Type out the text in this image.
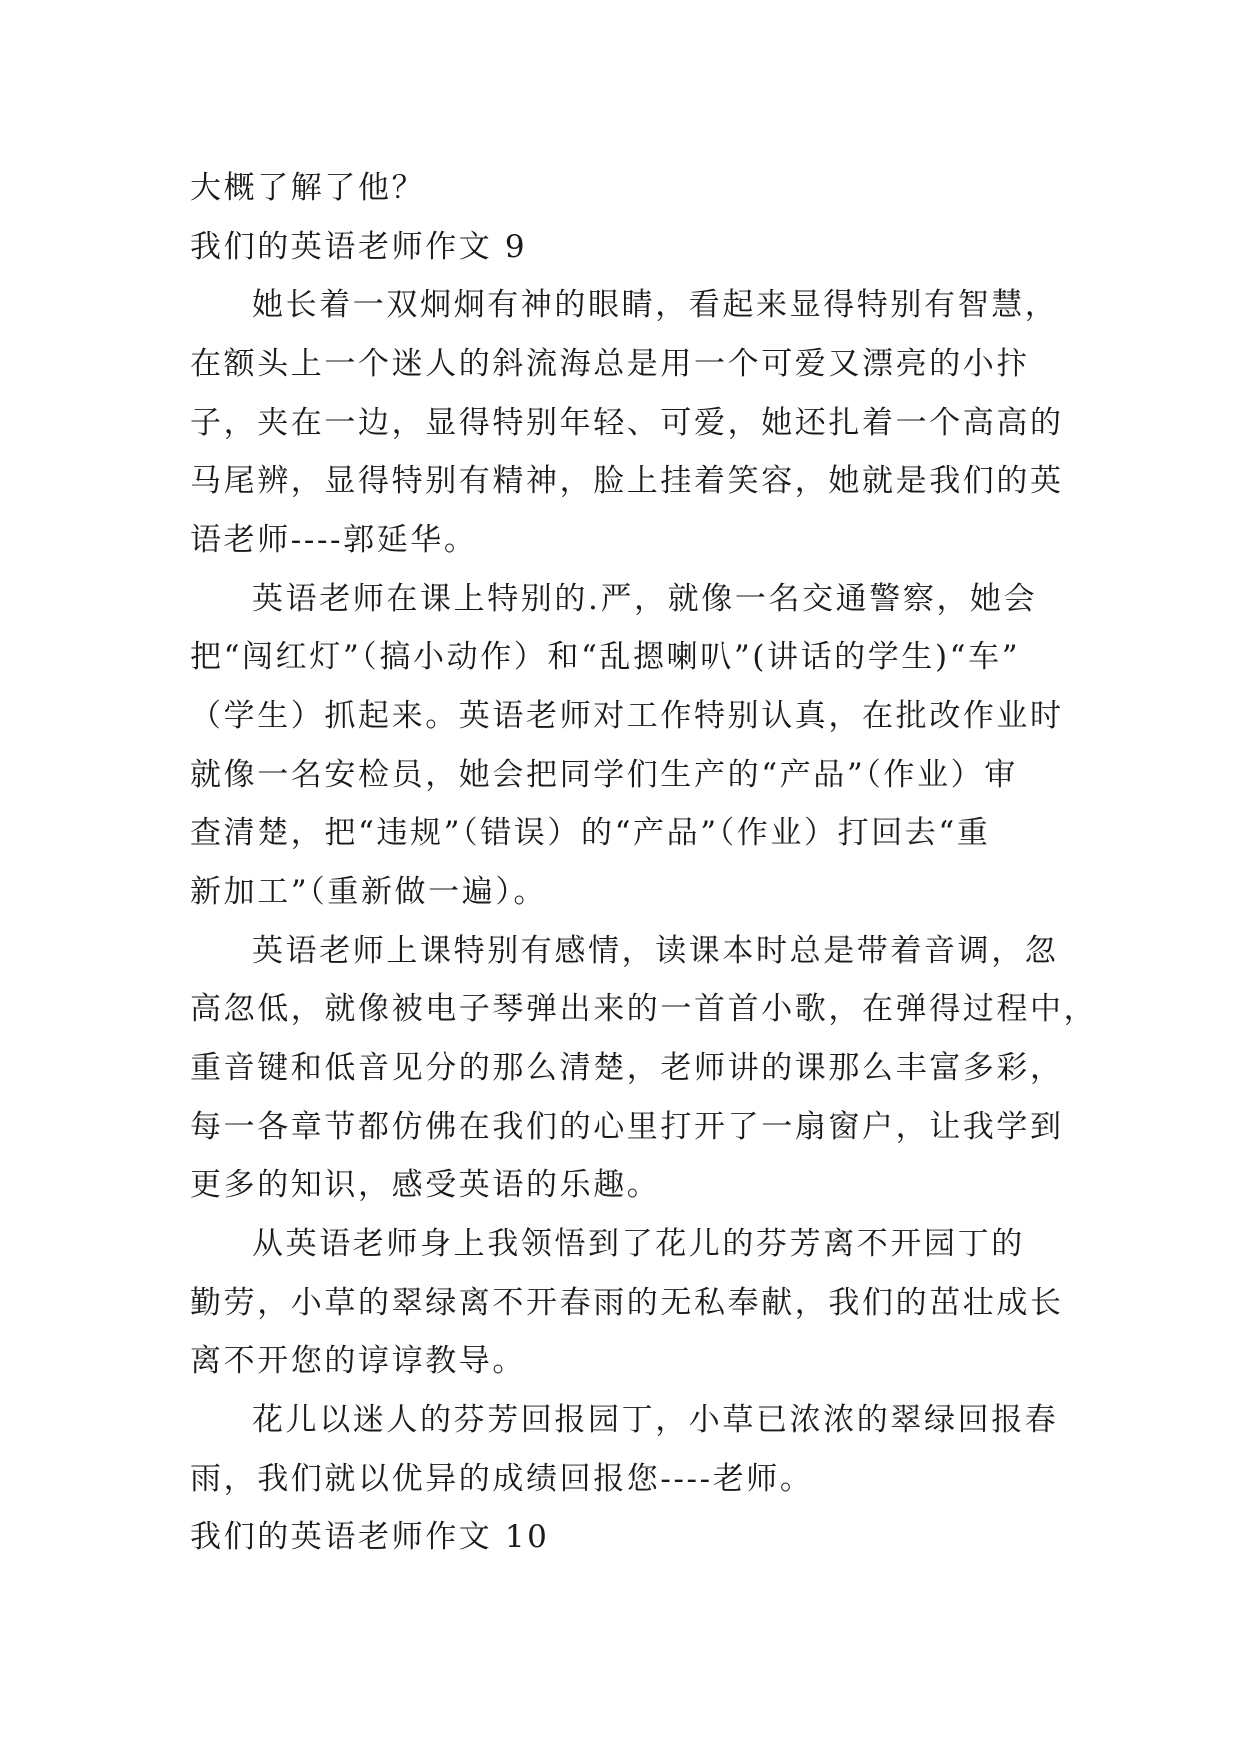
大概了解了他？
我们的英语老师作文 9
她长着一双炯炯有神的眼睛，看起来显得特别有智慧，
在额头上一个迷人的斜流海总是用一个可爱又漂亮的小抃
子，夹在一边，显得特别年轻、可爱，她还扎着一个高高的
马尾辨，显得特别有精神，脸上挂着笑容，她就是我们的英
语老师----郭延华。
英语老师在课上特别的.严，就像一名交通警察，她会
把“闯红灯”（搞小动作）和“乱摁喇叭”(讲话的学生)“车”
（学生）抓起来。英语老师对工作特别认真，在批改作业时
就像一名安检员，她会把同学们生产的“产品”（作业）审
查清楚，把“违规”（错误）的“产品”（作业）打回去“重
新加工”（重新做一遍）。
英语老师上课特别有感情，读课本时总是带着音调，忽
高忽低，就像被电子琴弹出来的一首首小歌，在弹得过程中，
重音键和低音见分的那么清楚，老师讲的课那么丰富多彩，
每一各章节都仿佛在我们的心里打开了一扇窗户，让我学到
更多的知识，感受英语的乐趣。
从英语老师身上我领悟到了花儿的芬芳离不开园丁的
勤劳，小草的翠绿离不开春雨的无私奉献，我们的茁壮成长
离不开您的谆谆教导。
花儿以迷人的芬芳回报园丁，小草已浓浓的翠绿回报春
雨，我们就以优异的成绩回报您----老师。
我们的英语老师作文 10
